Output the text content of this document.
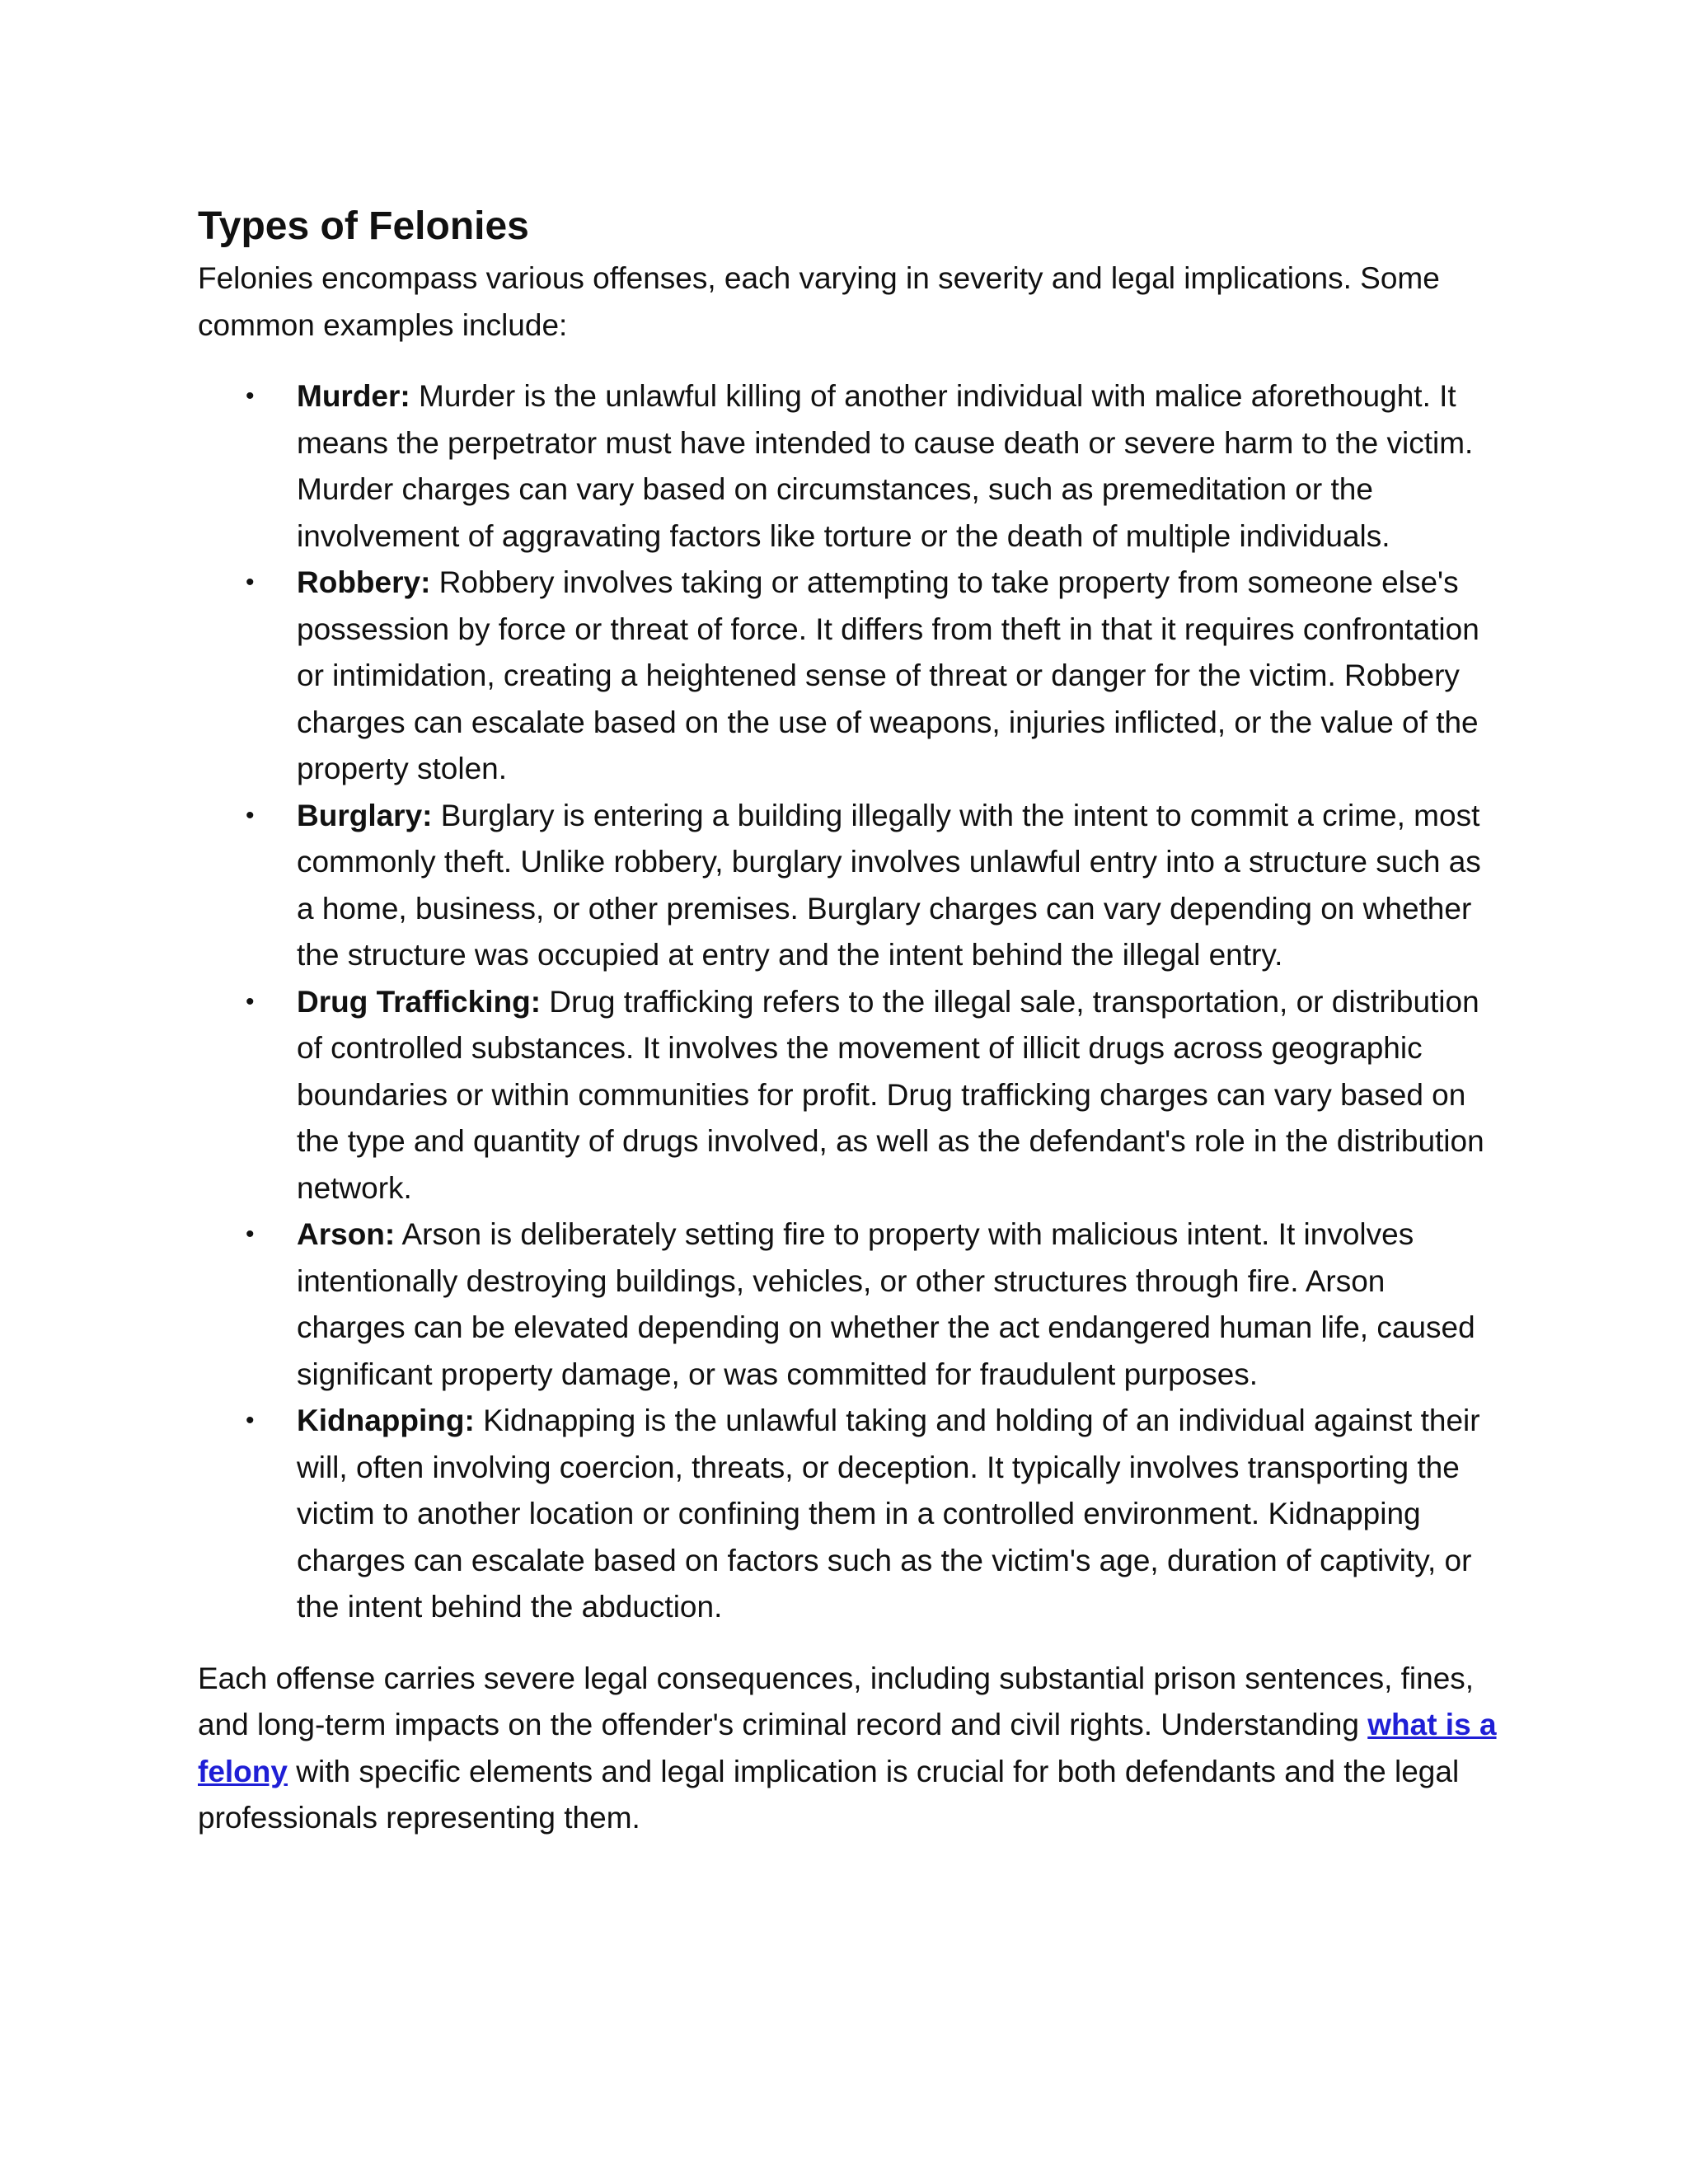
Types of Felonies

Felonies encompass various offenses, each varying in severity and legal implications. Some common examples include:

• Murder: Murder is the unlawful killing of another individual with malice aforethought. It means the perpetrator must have intended to cause death or severe harm to the victim. Murder charges can vary based on circumstances, such as premeditation or the involvement of aggravating factors like torture or the death of multiple individuals.
• Robbery: Robbery involves taking or attempting to take property from someone else's possession by force or threat of force. It differs from theft in that it requires confrontation or intimidation, creating a heightened sense of threat or danger for the victim. Robbery charges can escalate based on the use of weapons, injuries inflicted, or the value of the property stolen.
• Burglary: Burglary is entering a building illegally with the intent to commit a crime, most commonly theft. Unlike robbery, burglary involves unlawful entry into a structure such as a home, business, or other premises. Burglary charges can vary depending on whether the structure was occupied at entry and the intent behind the illegal entry.
• Drug Trafficking: Drug trafficking refers to the illegal sale, transportation, or distribution of controlled substances. It involves the movement of illicit drugs across geographic boundaries or within communities for profit. Drug trafficking charges can vary based on the type and quantity of drugs involved, as well as the defendant's role in the distribution network.
• Arson: Arson is deliberately setting fire to property with malicious intent. It involves intentionally destroying buildings, vehicles, or other structures through fire. Arson charges can be elevated depending on whether the act endangered human life, caused significant property damage, or was committed for fraudulent purposes.
• Kidnapping: Kidnapping is the unlawful taking and holding of an individual against their will, often involving coercion, threats, or deception. It typically involves transporting the victim to another location or confining them in a controlled environment. Kidnapping charges can escalate based on factors such as the victim's age, duration of captivity, or the intent behind the abduction.

Each offense carries severe legal consequences, including substantial prison sentences, fines, and long-term impacts on the offender's criminal record and civil rights. Understanding what is a felony with specific elements and legal implication is crucial for both defendants and the legal professionals representing them.
